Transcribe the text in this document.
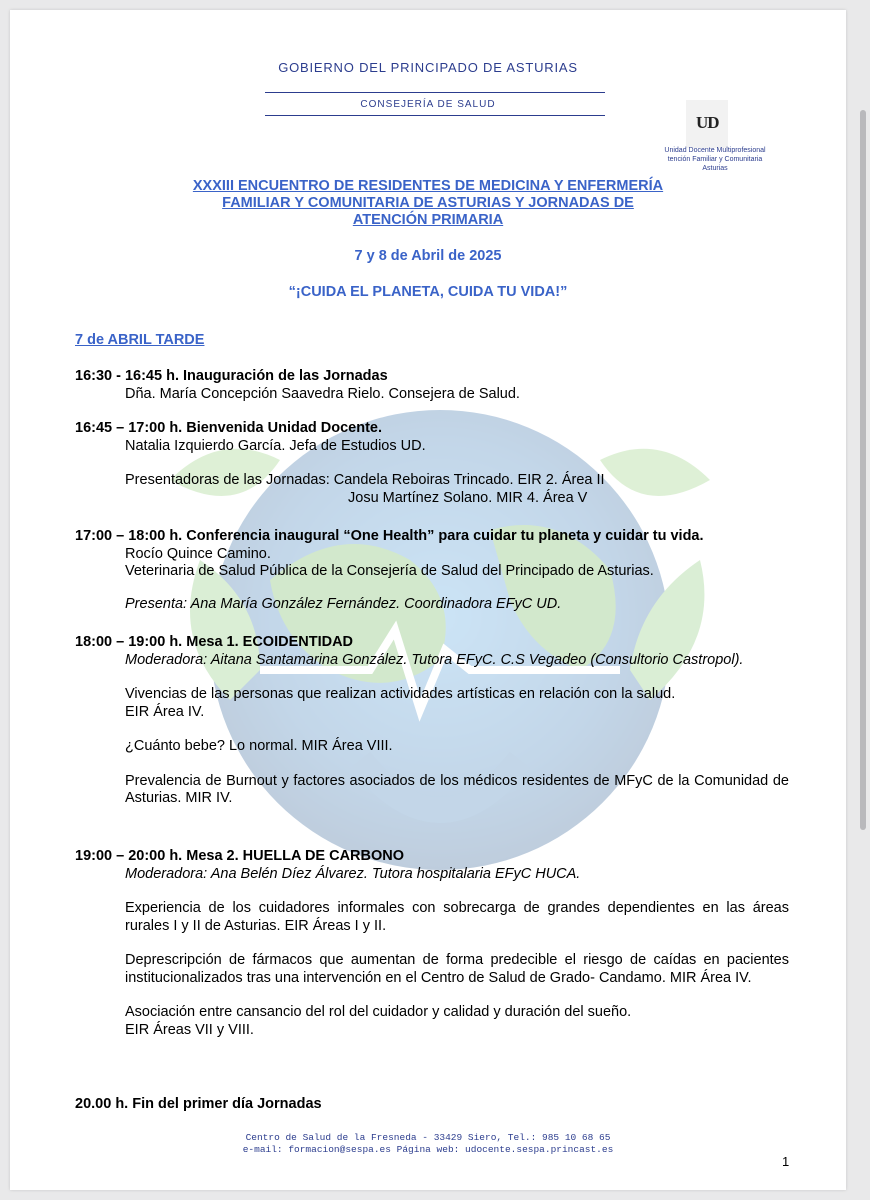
GOBIERNO DEL PRINCIPADO DE ASTURIAS
CONSEJERÍA DE SALUD
UD
Unidad Docente Multiprofesional
tención Familiar y Comunitaria
Asturias
XXXIII ENCUENTRO DE RESIDENTES DE MEDICINA Y ENFERMERÍA
FAMILIAR Y COMUNITARIA DE ASTURIAS Y JORNADAS DE
ATENCIÓN PRIMARIA
7 y 8 de Abril de 2025
“¡CUIDA EL PLANETA, CUIDA TU VIDA!”
7 de ABRIL TARDE
16:30 - 16:45 h. Inauguración de las Jornadas
Dña. María Concepción Saavedra Rielo. Consejera de Salud.
16:45 – 17:00 h. Bienvenida Unidad Docente.
Natalia Izquierdo García. Jefa de Estudios UD.
Presentadoras de las Jornadas: Candela Reboiras Trincado. EIR 2. Área II
Josu Martínez Solano. MIR 4. Área V
17:00 – 18:00 h. Conferencia inaugural “One Health” para cuidar tu planeta y cuidar tu vida.
Rocío Quince Camino.
Veterinaria de Salud Pública de la Consejería de Salud del Principado de Asturias.
Presenta: Ana María González Fernández. Coordinadora EFyC UD.
18:00 – 19:00 h. Mesa 1. ECOIDENTIDAD
Moderadora: Aitana Santamarina González. Tutora EFyC. C.S Vegadeo (Consultorio Castropol).
Vivencias de las personas que realizan actividades artísticas en relación con la salud.
EIR Área IV.
¿Cuánto bebe? Lo normal. MIR Área VIII.
Prevalencia de Burnout y factores asociados de los médicos residentes de MFyC de la Comunidad de Asturias. MIR IV.
19:00 – 20:00 h. Mesa 2. HUELLA DE CARBONO
Moderadora: Ana Belén Díez Álvarez. Tutora hospitalaria EFyC HUCA.
Experiencia de los cuidadores informales con sobrecarga de grandes dependientes en las áreas rurales I y II de Asturias. EIR Áreas I y II.
Deprescripción de fármacos que aumentan de forma predecible el riesgo de caídas en pacientes institucionalizados tras una intervención en el Centro de Salud de Grado- Candamo. MIR Área IV.
Asociación entre cansancio del rol del cuidador y calidad y duración del sueño.
EIR Áreas VII y VIII.
20.00 h. Fin del primer día Jornadas
Centro de Salud de la Fresneda - 33429 Siero, Tel.: 985 10 68 65
e-mail: formacion@sespa.es Página web: udocente.sespa.princast.es
1
